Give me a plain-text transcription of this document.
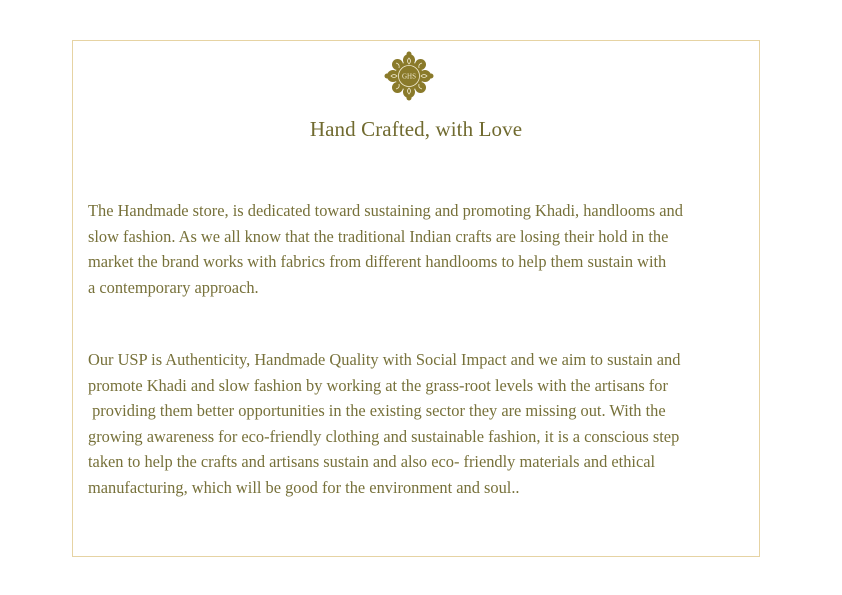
GHS
Hand Crafted, with Love

The Handmade store, is dedicated toward sustaining and promoting Khadi, handlooms and
slow fashion. As we all know that the traditional Indian crafts are losing their hold in the
market the brand works with fabrics from different handlooms to help them sustain with
a contemporary approach.

Our USP is Authenticity, Handmade Quality with Social Impact and we aim to sustain and
promote Khadi and slow fashion by working at the grass-root levels with the artisans for
providing them better opportunities in the existing sector they are missing out. With the
growing awareness for eco-friendly clothing and sustainable fashion, it is a conscious step
taken to help the crafts and artisans sustain and also eco- friendly materials and ethical
manufacturing, which will be good for the environment and soul..
